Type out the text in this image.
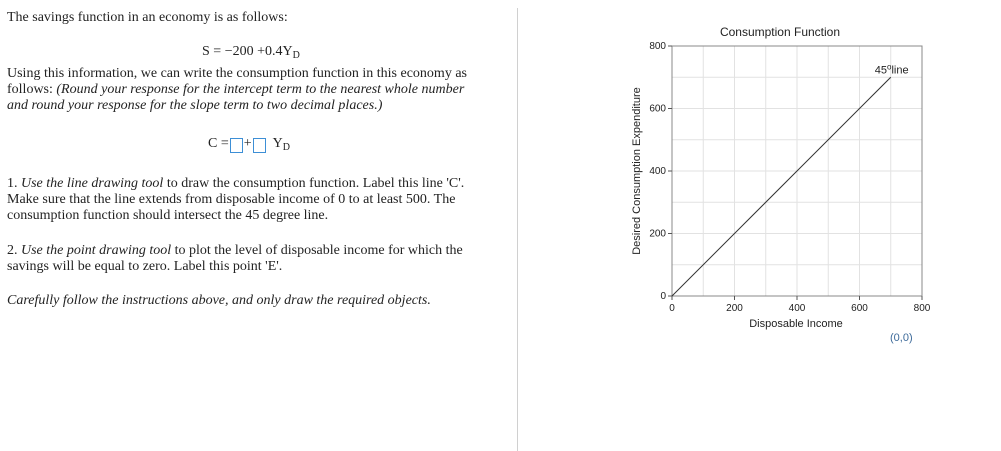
The savings function in an economy is as follows:
$S = -200 +0.4Y_D$
Using this information, we can write the consumption function in this economy as
follows: (Round your response for the intercept term to the nearest whole number
and round your response for the slope term to two decimal places.)
C = + $Y_D$
1. Use the line drawing tool to draw the consumption function. Label this line 'C'.
Make sure that the line extends from disposable income of 0 to at least 500. The
consumption function should intersect the 45 degree line.
2. Use the point drawing tool to plot the level of disposable income for which the
savings will be equal to zero. Label this point 'E'.
Carefully follow the instructions above, and only draw the required objects.
0	200	400	600	800
0
200
400
600
800
45$^o$line
Consumption Function
Disposable Income
Desired Consumption Expenditure
(0,0)
